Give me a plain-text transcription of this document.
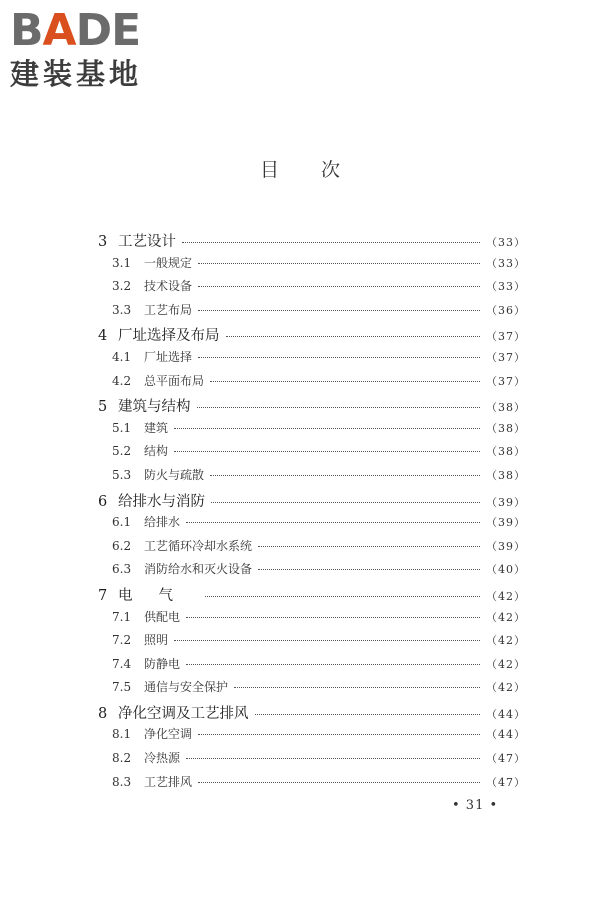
BADE
建装基地
目 次
3 工艺设计	（33）
3.1	一般规定	（33）
3.2	技术设备	（33）
3.3	工艺布局	（36）
4 厂址选择及布局	（37）
4.1	厂址选择	（37）
4.2	总平面布局	（37）
5 建筑与结构	（38）
5.1	建筑	（38）
5.2	结构	（38）
5.3	防火与疏散	（38）
6 给排水与消防	（39）
6.1	给排水	（39）
6.2	工艺循环冷却水系统	（39）
6.3	消防给水和灭火设备	（40）
7 电气	（42）
7.1	供配电	（42）
7.2	照明	（42）
7.4	防静电	（42）
7.5	通信与安全保护	（42）
8 净化空调及工艺排风	（44）
8.1	净化空调	（44）
8.2	冷热源	（47）
8.3	工艺排风	（47）
• 31 •
